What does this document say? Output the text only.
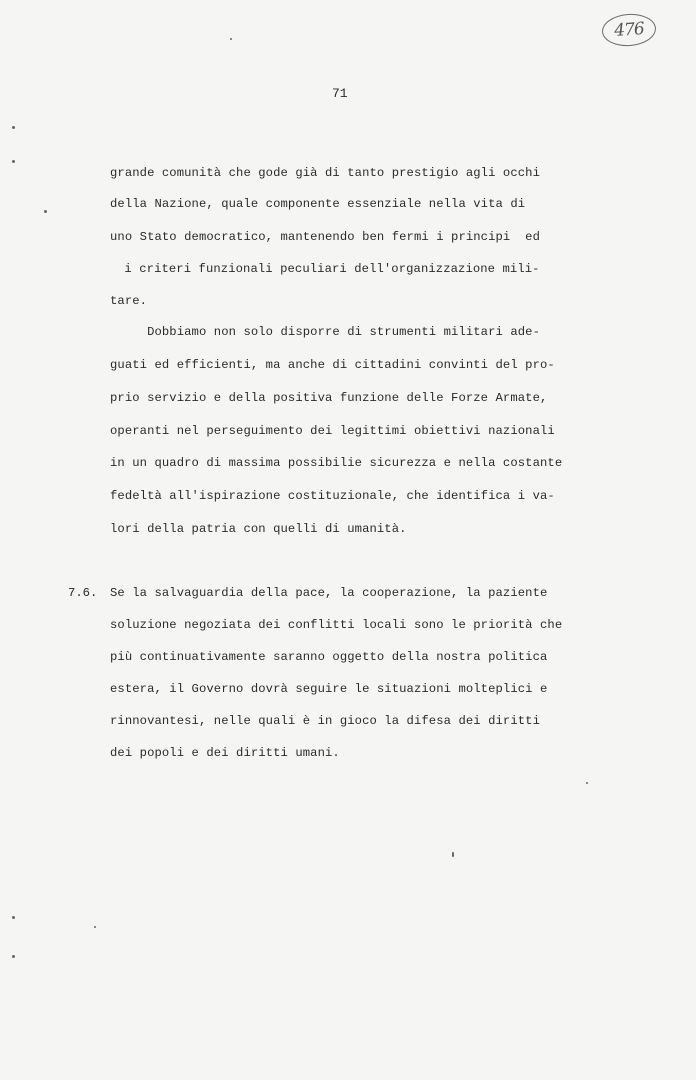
476
71
grande comunità che gode già di tanto prestigio agli occhi
della Nazione, quale componente essenziale nella vita di
uno Stato democratico, mantenendo ben fermi i principi  ed
i criteri funzionali peculiari dell'organizzazione mili-
tare.
Dobbiamo non solo disporre di strumenti militari ade-
guati ed efficienti, ma anche di cittadini convinti del pro-
prio servizio e della positiva funzione delle Forze Armate,
operanti nel perseguimento dei legittimi obiettivi nazionali
in un quadro di massima possibilie sicurezza e nella costante
fedeltà all'ispirazione costituzionale, che identifica i va-
lori della patria con quelli di umanità.
7.6. Se la salvaguardia della pace, la cooperazione, la paziente
soluzione negoziata dei conflitti locali sono le priorità che
più continuativamente saranno oggetto della nostra politica
estera, il Governo dovrà seguire le situazioni molteplici e
rinnovantesi, nelle quali è in gioco la difesa dei diritti
dei popoli e dei diritti umani.
